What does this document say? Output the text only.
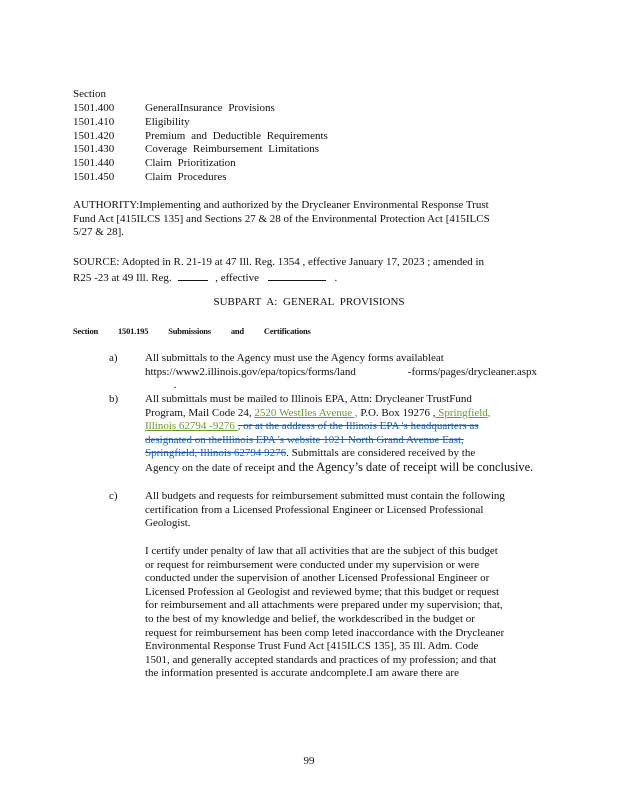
Section
1501.400	GeneralInsurance Provisions
1501.410	Eligibility
1501.420	Premium and Deductible Requirements
1501.430	Coverage Reimbursement Limitations
1501.440	Claim Prioritization
1501.450	Claim Procedures
AUTHORITY:Implementing and authorized by the Drycleaner Environmental Response Trust
Fund Act [415ILCS 135] and Sections 27 & 28 of the Environmental Protection Act [415ILCS
5/27 & 28].
SOURCE: Adopted in R. 21-19 at 47 Ill. Reg. 1354 , effective January 17, 2023 ; amended in
R25 -23 at 49 Ill. Reg.	, effective	.
SUBPART A: GENERAL PROVISIONS
Section 1501.195 Submissions and Certifications
a) All submittals to the Agency must use the Agency forms availableat
https://www2.illinois.gov/epa/topics/forms/land	-forms/pages/drycleaner.aspx  .
b) All submittals must be mailed to Illinois EPA, Attn: Drycleaner TrustFund
Program, Mail Code 24, 2520 WestIles Avenue , P.O. Box 19276 , Springfield,
Illinois 62794 -9276 , or at the address of the Illinois EPA 's headquarters as
designated on theIllinois EPA 's website 1021 North Grand Avenue East,
Springfield, Illinois 62794 9276. Submittals are considered received by the
Agency on the date of receipt and the Agency’s date of receipt will be conclusive.
c) All budgets and requests for reimbursement submitted must contain the following
certification from a Licensed Professional Engineer or Licensed Professional
Geologist.
I certify under penalty of law that all activities that are the subject of this budget
or request for reimbursement were conducted under my supervision or were
conducted under the supervision of another Licensed Professional Engineer or
Licensed Profession al Geologist and reviewed byme; that this budget or request
for reimbursement and all attachments were prepared under my supervision; that,
to the best of my knowledge and belief, the workdescribed in the budget or
request for reimbursement has been comp leted inaccordance with the Drycleaner
Environmental Response Trust Fund Act [415ILCS 135], 35 Ill. Adm. Code
1501, and generally accepted standards and practices of my profession; and that
the information presented is accurate andcomplete.I am aware there are
99
